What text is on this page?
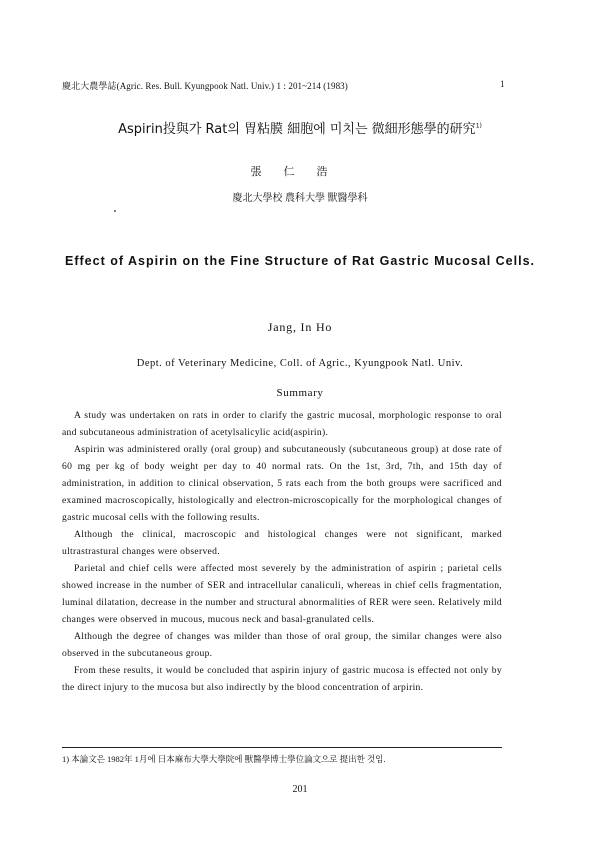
慶北大農學誌(Agric. Res. Bull. Kyungpook Natl. Univ.) 1 : 201~214 (1983)	1
Aspirin投與가 Rat의 胃粘膜 細胞에 미치는 微細形態學的研究$^{1)}$
張仁浩
慶北大學校 農科大學 獸醫學科
Effect of Aspirin on the Fine Structure of Rat Gastric Mucosal Cells.
Jang, In Ho
Dept. of Veterinary Medicine, Coll. of Agric., Kyungpook Natl. Univ.
Summary

A study was undertaken on rats in order to clarify the gastric mucosal, morphologic response to oral and subcutaneous administration of acetylsalicylic acid(aspirin).

Aspirin was administered orally (oral group) and subcutaneously (subcutaneous group) at dose rate of 60 mg per kg of body weight per day to 40 normal rats. On the 1st, 3rd, 7th, and 15th day of administration, in addition to clinical observation, 5 rats each from the both groups were sacrificed and examined macroscopically, histologically and electron-microscopically for the morphological changes of gastric mucosal cells with the following results.

Although the clinical, macroscopic and histological changes were not significant, marked ultrastrastural changes were observed.

Parietal and chief cells were affected most severely by the administration of aspirin ; parietal cells showed increase in the number of SER and intracellular canaliculi, whereas in chief cells fragmentation, luminal dilatation, decrease in the number and structural abnormalities of RER were seen. Relatively mild changes were observed in mucous, mucous neck and basal-granulated cells.

Although the degree of changes was milder than those of oral group, the similar changes were also observed in the subcutaneous group.

From these results, it would be concluded that aspirin injury of gastric mucosa is effected not only by the direct injury to the mucosa but also indirectly by the blood concentration of arpirin.

1) 本論文은 1982年 1月에 日本麻布大學大學院에 獸醫學博士學位論文으로 提出한 것임.
201
